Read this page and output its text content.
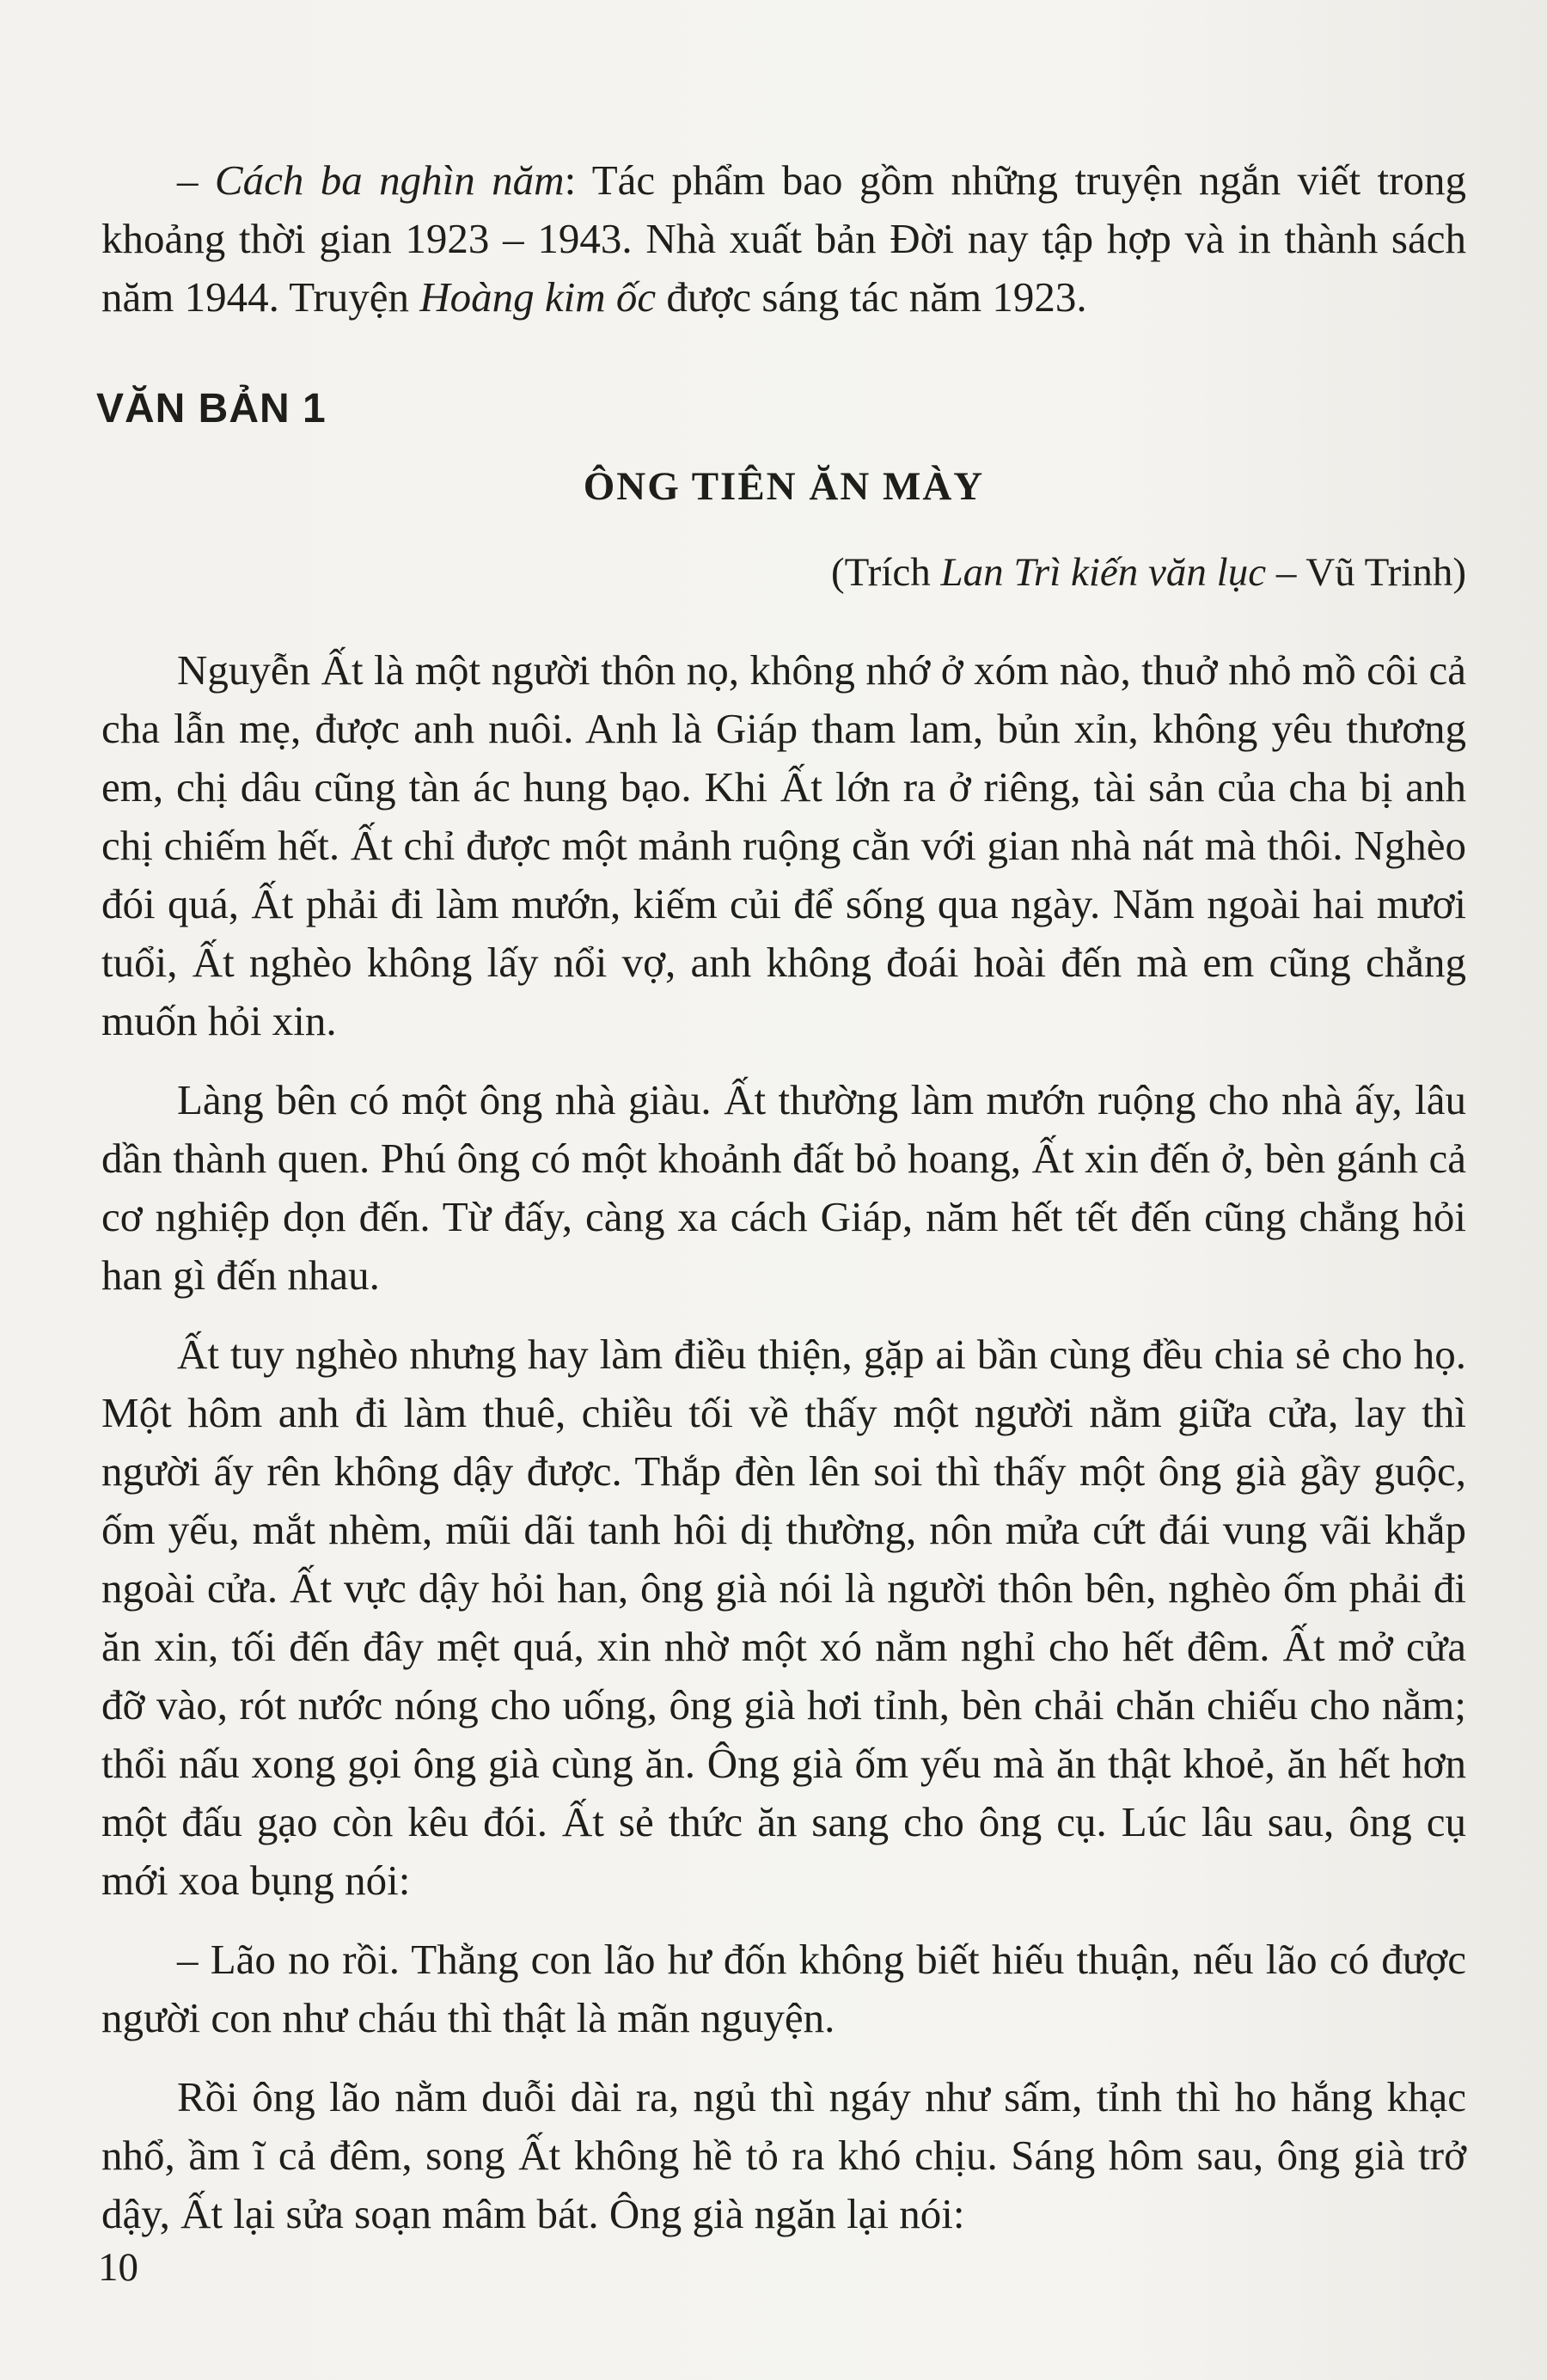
– Cách ba nghìn năm: Tác phẩm bao gồm những truyện ngắn viết trong khoảng thời gian 1923 – 1943. Nhà xuất bản Đời nay tập hợp và in thành sách năm 1944. Truyện Hoàng kim ốc được sáng tác năm 1923.

VĂN BẢN 1
ÔNG TIÊN ĂN MÀY
(Trích Lan Trì kiến văn lục – Vũ Trinh)

Nguyễn Ất là một người thôn nọ, không nhớ ở xóm nào, thuở nhỏ mồ côi cả cha lẫn mẹ, được anh nuôi. Anh là Giáp tham lam, bủn xỉn, không yêu thương em, chị dâu cũng tàn ác hung bạo. Khi Ất lớn ra ở riêng, tài sản của cha bị anh chị chiếm hết. Ất chỉ được một mảnh ruộng cằn với gian nhà nát mà thôi. Nghèo đói quá, Ất phải đi làm mướn, kiếm củi để sống qua ngày. Năm ngoài hai mươi tuổi, Ất nghèo không lấy nổi vợ, anh không đoái hoài đến mà em cũng chẳng muốn hỏi xin.

Làng bên có một ông nhà giàu. Ất thường làm mướn ruộng cho nhà ấy, lâu dần thành quen. Phú ông có một khoảnh đất bỏ hoang, Ất xin đến ở, bèn gánh cả cơ nghiệp dọn đến. Từ đấy, càng xa cách Giáp, năm hết tết đến cũng chẳng hỏi han gì đến nhau.

Ất tuy nghèo nhưng hay làm điều thiện, gặp ai bần cùng đều chia sẻ cho họ. Một hôm anh đi làm thuê, chiều tối về thấy một người nằm giữa cửa, lay thì người ấy rên không dậy được. Thắp đèn lên soi thì thấy một ông già gầy guộc, ốm yếu, mắt nhèm, mũi dãi tanh hôi dị thường, nôn mửa cứt đái vung vãi khắp ngoài cửa. Ất vực dậy hỏi han, ông già nói là người thôn bên, nghèo ốm phải đi ăn xin, tối đến đây mệt quá, xin nhờ một xó nằm nghỉ cho hết đêm. Ất mở cửa đỡ vào, rót nước nóng cho uống, ông già hơi tỉnh, bèn chải chăn chiếu cho nằm; thổi nấu xong gọi ông già cùng ăn. Ông già ốm yếu mà ăn thật khoẻ, ăn hết hơn một đấu gạo còn kêu đói. Ất sẻ thức ăn sang cho ông cụ. Lúc lâu sau, ông cụ mới xoa bụng nói:

– Lão no rồi. Thằng con lão hư đốn không biết hiếu thuận, nếu lão có được người con như cháu thì thật là mãn nguyện.

Rồi ông lão nằm duỗi dài ra, ngủ thì ngáy như sấm, tỉnh thì ho hắng khạc nhổ, ầm ĩ cả đêm, song Ất không hề tỏ ra khó chịu. Sáng hôm sau, ông già trở dậy, Ất lại sửa soạn mâm bát. Ông già ngăn lại nói:

10
